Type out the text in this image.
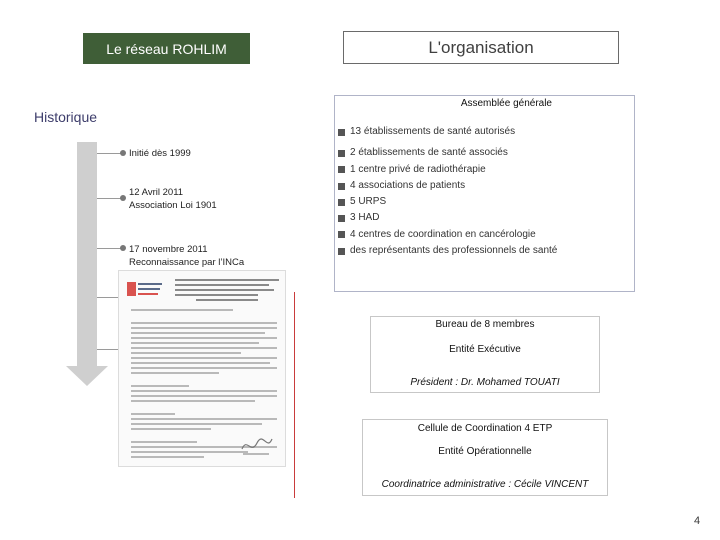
Le réseau ROHLIM	L'organisation
Historique
Initié dès 1999
12 Avril 2011
Association Loi 1901
17 novembre 2011
Reconnaissance par l’INCa
Assemblée générale
13 établissements de santé autorisés
2 établissements de santé associés
1 centre privé de radiothérapie
4 associations de patients
5 URPS
3 HAD
4 centres de coordination en cancérologie
des représentants des professionnels de santé
Bureau de 8 membres
Entité Exécutive
Président : Dr. Mohamed TOUATI
Cellule de Coordination 4 ETP
Entité Opérationnelle
Coordinatrice administrative : Cécile VINCENT
4
